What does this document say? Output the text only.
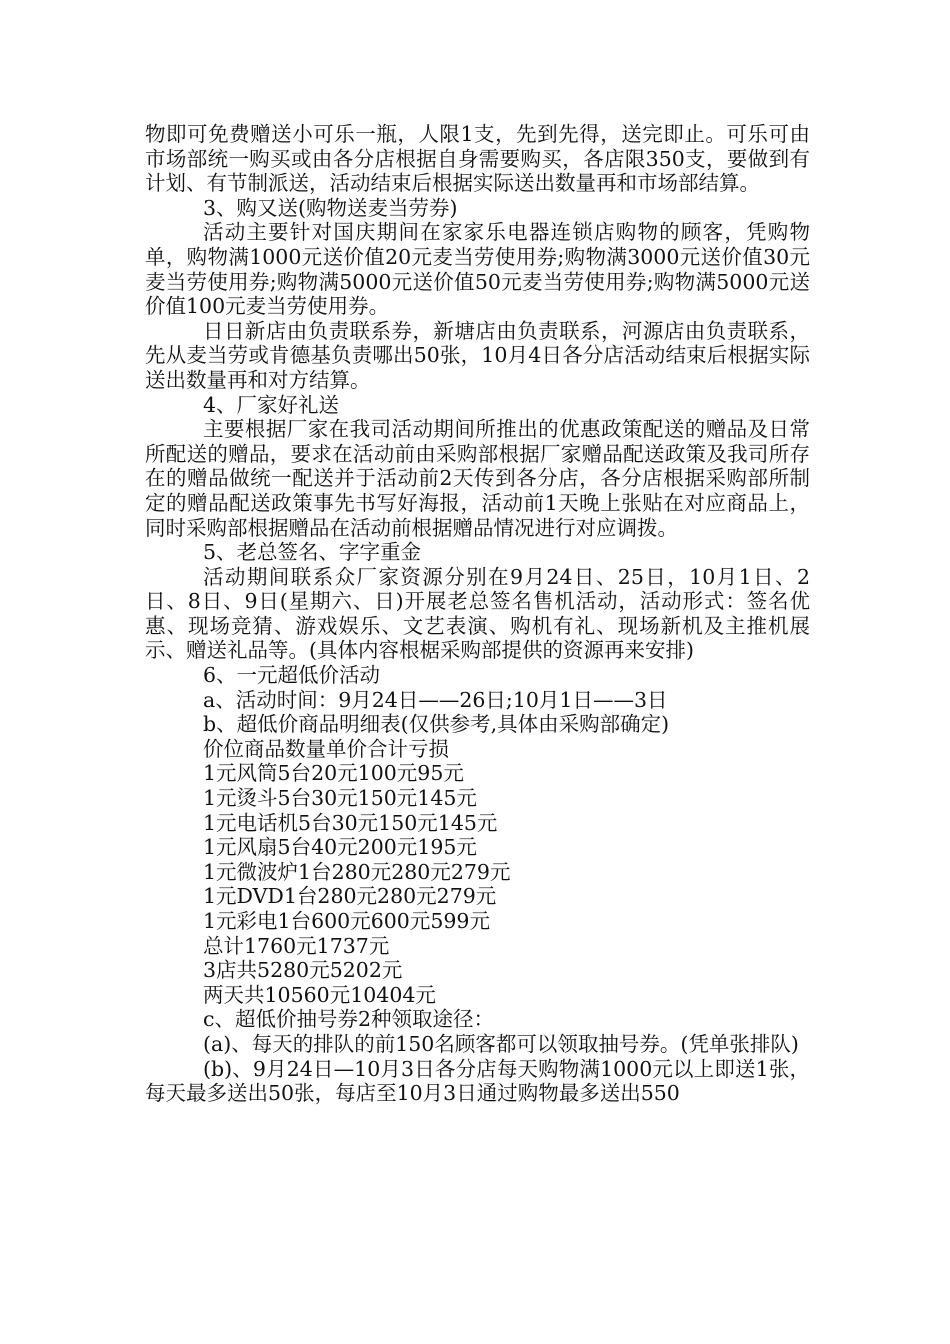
物即可免费赠送小可乐一瓶，人限1支，先到先得，送完即止。可乐可由市场部统一购买或由各分店根据自身需要购买，各店限350支，要做到有计划、有节制派送，活动结束后根据实际送出数量再和市场部结算。

3、购又送(购物送麦当劳券)

活动主要针对国庆期间在家家乐电器连锁店购物的顾客，凭购物单，购物满1000元送价值20元麦当劳使用券;购物满3000元送价值30元麦当劳使用券;购物满5000元送价值50元麦当劳使用券;购物满5000元送价值100元麦当劳使用券。

日日新店由负责联系券，新塘店由负责联系，河源店由负责联系，先从麦当劳或肯德基负责哪出50张，10月4日各分店活动结束后根据实际送出数量再和对方结算。

4、厂家好礼送

主要根据厂家在我司活动期间所推出的优惠政策配送的赠品及日常所配送的赠品，要求在活动前由采购部根据厂家赠品配送政策及我司所存在的赠品做统一配送并于活动前2天传到各分店，各分店根据采购部所制定的赠品配送政策事先书写好海报，活动前1天晚上张贴在对应商品上，同时采购部根据赠品在活动前根据赠品情况进行对应调拨。

5、老总签名、字字重金

活动期间联系众厂家资源分别在9月24日、25日，10月1日、2日、8日、9日(星期六、日)开展老总签名售机活动，活动形式：签名优惠、现场竞猜、游戏娱乐、文艺表演、购机有礼、现场新机及主推机展示、赠送礼品等。(具体内容根椐采购部提供的资源再来安排)

6、一元超低价活动

a、活动时间：9月24日——26日;10月1日——3日

b、超低价商品明细表(仅供参考,具体由采购部确定)

价位商品数量单价合计亏损
1元风筒5台20元100元95元
1元烫斗5台30元150元145元
1元电话机5台30元150元145元
1元风扇5台40元200元195元
1元微波炉1台280元280元279元
1元DVD1台280元280元279元
1元彩电1台600元600元599元
总计1760元1737元
3店共5280元5202元
两天共10560元10404元

c、超低价抽号券2种领取途径：

(a)、每天的排队的前150名顾客都可以领取抽号券。(凭单张排队)

(b)、9月24日—10月3日各分店每天购物满1000元以上即送1张，每天最多送出50张，每店至10月3日通过购物最多送出550
